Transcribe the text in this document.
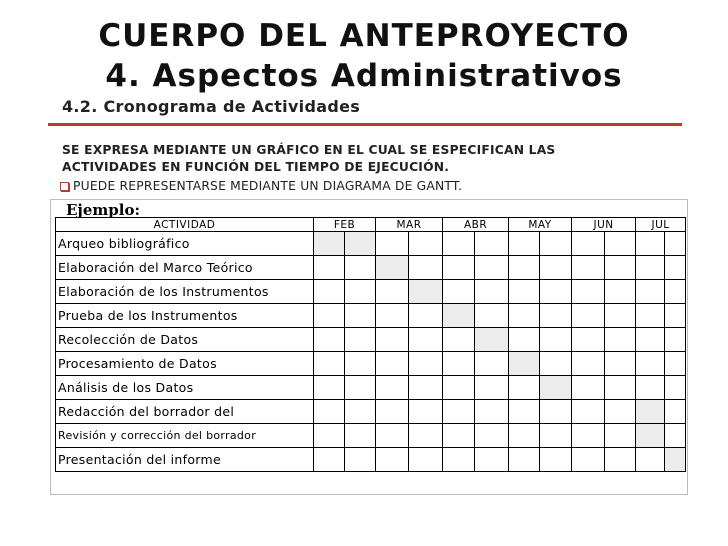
CUERPO DEL ANTEPROYECTO
4. Aspectos Administrativos
4.2. Cronograma de Actividades
SE EXPRESA MEDIANTE UN GRÁFICO EN EL CUAL SE ESPECIFICAN LAS
ACTIVIDADES EN FUNCIÓN DEL TIEMPO DE EJECUCIÓN.
PUEDE REPRESENTARSE MEDIANTE UN DIAGRAMA DE GANTT.
Ejemplo:
ACTIVIDAD	FEB		MAR		ABR		MAY		JUN		JUL	
Arqueo bibliográfico												
Elaboración del Marco Teórico												
Elaboración de los Instrumentos												
Prueba de los Instrumentos												
Recolección de Datos												
Procesamiento de Datos												
Análisis de los Datos												
Redacción del borrador del												
Revisión y corrección del borrador												
Presentación del informe												
